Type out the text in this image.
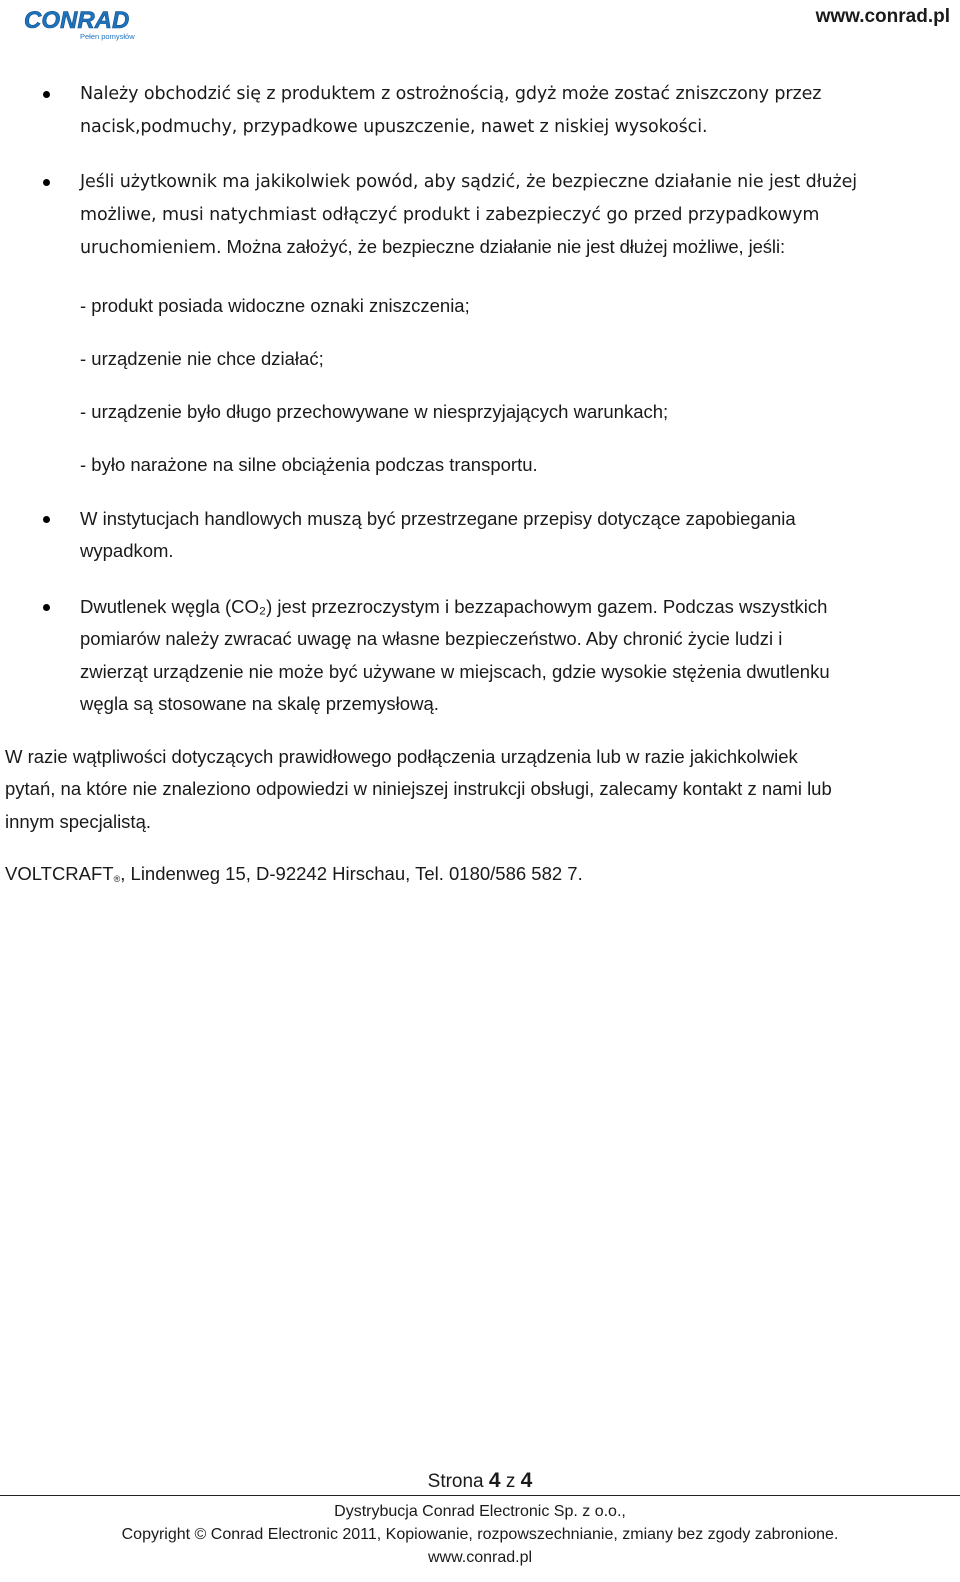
CONRAD
Pełen pomysłów
www.conrad.pl
Należy obchodzić się z produktem z ostrożnością, gdyż może zostać zniszczony przez
nacisk,podmuchy, przypadkowe upuszczenie, nawet z niskiej wysokości.
Jeśli użytkownik ma jakikolwiek powód, aby sądzić, że bezpieczne działanie nie jest dłużej
możliwe, musi natychmiast odłączyć produkt i zabezpieczyć go przed przypadkowym
uruchomieniem. Można założyć, że bezpieczne działanie nie jest dłużej możliwe, jeśli:
- produkt posiada widoczne oznaki zniszczenia;
- urządzenie nie chce działać;
- urządzenie było długo przechowywane w niesprzyjających warunkach;
- było narażone na silne obciążenia podczas transportu.
W instytucjach handlowych muszą być przestrzegane przepisy dotyczące zapobiegania
wypadkom.
Dwutlenek węgla (CO₂) jest przezroczystym i bezzapachowym gazem. Podczas wszystkich
pomiarów należy zwracać uwagę na własne bezpieczeństwo. Aby chronić życie ludzi i
zwierząt urządzenie nie może być używane w miejscach, gdzie wysokie stężenia dwutlenku
węgla są stosowane na skalę przemysłową.
W razie wątpliwości dotyczących prawidłowego podłączenia urządzenia lub w razie jakichkolwiek
pytań, na które nie znaleziono odpowiedzi w niniejszej instrukcji obsługi, zalecamy kontakt z nami lub
innym specjalistą.
VOLTCRAFT®, Lindenweg 15, D-92242 Hirschau, Tel. 0180/586 582 7.
Strona 4 z 4
Dystrybucja Conrad Electronic Sp. z o.o.,
Copyright © Conrad Electronic 2011, Kopiowanie, rozpowszechnianie, zmiany bez zgody zabronione.
www.conrad.pl
